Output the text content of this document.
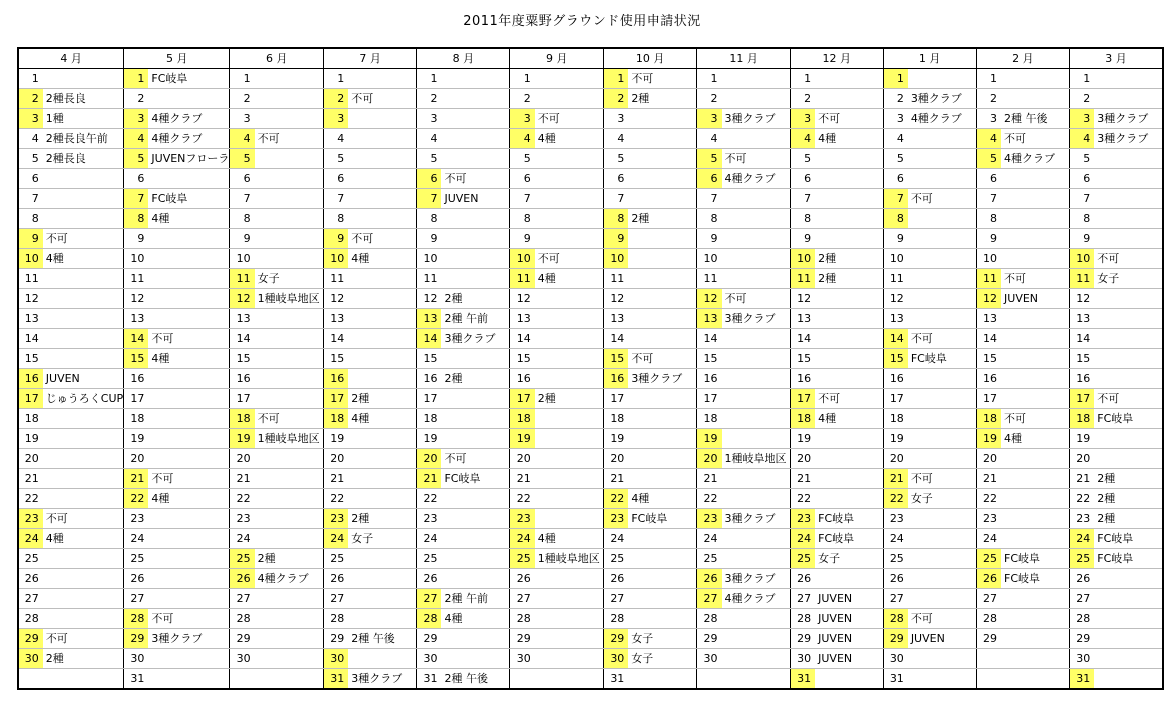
2011年度粟野グラウンド使用申請状況
4 月		5 月		6 月		7 月		8 月		9 月		10 月		11 月		12 月		1 月		2 月		3 月	
1		1	FC岐阜	1		1		1		1		1	不可	1		1		1		1		1	
2	2種長良	2		2		2	不可	2		2		2	2種	2		2		2	3種クラブ	2		2	
3	1種	3	4種クラブ	3		3		3		3	不可	3		3	3種クラブ	3	不可	3	4種クラブ	3	2種 午後	3	3種クラブ
4	2種長良午前	4	4種クラブ	4	不可	4		4		4	4種	4		4		4	4種	4		4	不可	4	3種クラブ
5	2種長良	5	JUVENフローラ	5		5		5		5		5		5	不可	5		5		5	4種クラブ	5	
6		6		6		6		6	不可	6		6		6	4種クラブ	6		6		6		6	
7		7	FC岐阜	7		7		7	JUVEN	7		7		7		7		7	不可	7		7	
8		8	4種	8		8		8		8		8	2種	8		8		8		8		8	
9	不可	9		9		9	不可	9		9		9		9		9		9		9		9	
10	4種	10		10		10	4種	10		10	不可	10		10		10	2種	10		10		10	不可
11		11		11	女子	11		11		11	4種	11		11		11	2種	11		11	不可	11	女子
12		12		12	1種岐阜地区	12		12	2種	12		12		12	不可	12		12		12	JUVEN	12	
13		13		13		13		13	2種 午前	13		13		13	3種クラブ	13		13		13		13	
14		14	不可	14		14		14	3種クラブ	14		14		14		14		14	不可	14		14	
15		15	4種	15		15		15		15		15	不可	15		15		15	FC岐阜	15		15	
16	JUVEN	16		16		16		16	2種	16		16	3種クラブ	16		16		16		16		16	
17	じゅうろくCUP	17		17		17	2種	17		17	2種	17		17		17	不可	17		17		17	不可
18		18		18	不可	18	4種	18		18		18		18		18	4種	18		18	不可	18	FC岐阜
19		19		19	1種岐阜地区	19		19		19		19		19		19		19		19	4種	19	
20		20		20		20		20	不可	20		20		20	1種岐阜地区	20		20		20		20	
21		21	不可	21		21		21	FC岐阜	21		21		21		21		21	不可	21		21	2種
22		22	4種	22		22		22		22		22	4種	22		22		22	女子	22		22	2種
23	不可	23		23		23	2種	23		23		23	FC岐阜	23	3種クラブ	23	FC岐阜	23		23		23	2種
24	4種	24		24		24	女子	24		24	4種	24		24		24	FC岐阜	24		24		24	FC岐阜
25		25		25	2種	25		25		25	1種岐阜地区	25		25		25	女子	25		25	FC岐阜	25	FC岐阜
26		26		26	4種クラブ	26		26		26		26		26	3種クラブ	26		26		26	FC岐阜	26	
27		27		27		27		27	2種 午前	27		27		27	4種クラブ	27	JUVEN	27		27		27	
28		28	不可	28		28		28	4種	28		28		28		28	JUVEN	28	不可	28		28	
29	不可	29	3種クラブ	29		29	2種 午後	29		29		29	女子	29		29	JUVEN	29	JUVEN	29		29	
30	2種	30		30		30		30		30		30	女子	30		30	JUVEN	30				30	
		31				31	3種クラブ	31	2種 午後			31				31		31				31	
